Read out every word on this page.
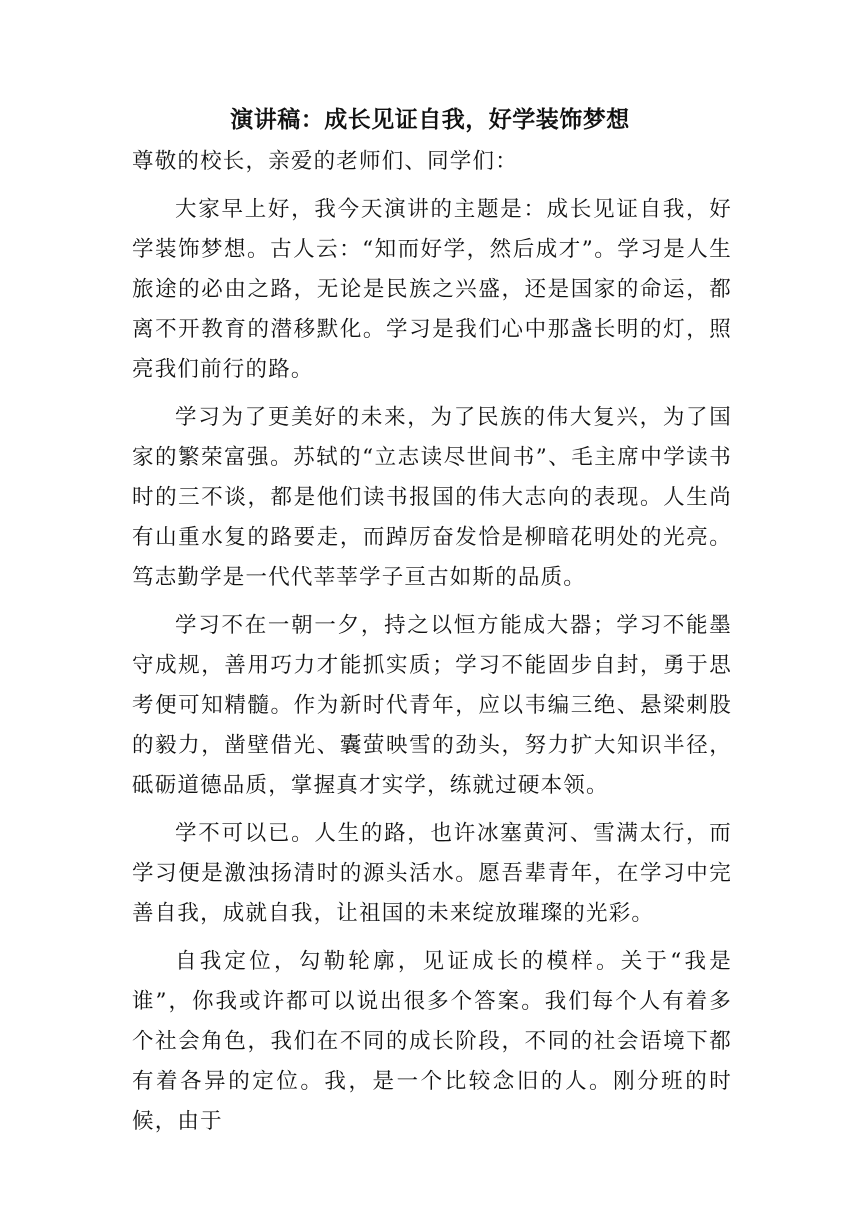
演讲稿：成长见证自我，好学装饰梦想

尊敬的校长，亲爱的老师们、同学们：

大家早上好，我今天演讲的主题是：成长见证自我，好学装饰梦想。古人云：“知而好学，然后成才”。学习是人生旅途的必由之路，无论是民族之兴盛，还是国家的命运，都离不开教育的潜移默化。学习是我们心中那盏长明的灯，照亮我们前行的路。

学习为了更美好的未来，为了民族的伟大复兴，为了国家的繁荣富强。苏轼的“立志读尽世间书”、毛主席中学读书时的三不谈，都是他们读书报国的伟大志向的表现。人生尚有山重水复的路要走，而踔厉奋发恰是柳暗花明处的光亮。笃志勤学是一代代莘莘学子亘古如斯的品质。

学习不在一朝一夕，持之以恒方能成大器；学习不能墨守成规，善用巧力才能抓实质；学习不能固步自封，勇于思考便可知精髓。作为新时代青年，应以韦编三绝、悬梁刺股的毅力，凿壁借光、囊萤映雪的劲头，努力扩大知识半径，砥砺道德品质，掌握真才实学，练就过硬本领。

学不可以已。人生的路，也许冰塞黄河、雪满太行，而学习便是激浊扬清时的源头活水。愿吾辈青年，在学习中完善自我，成就自我，让祖国的未来绽放璀璨的光彩。

自我定位，勾勒轮廓，见证成长的模样。关于“我是谁”，你我或许都可以说出很多个答案。我们每个人有着多个社会角色，我们在不同的成长阶段，不同的社会语境下都有着各异的定位。我，是一个比较念旧的人。刚分班的时候，由于
